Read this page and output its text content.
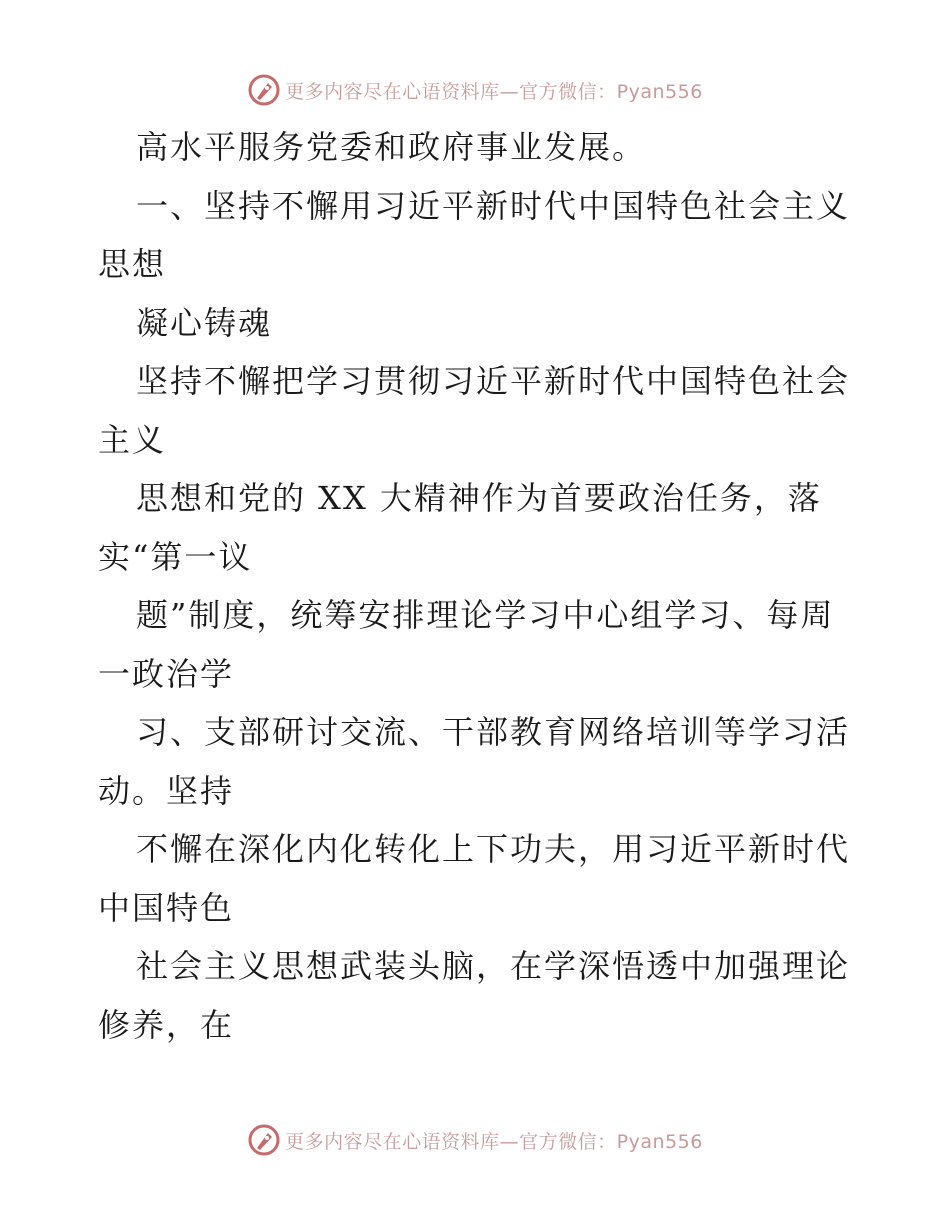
更多内容尽在心语资料库—官方微信：Pyan556
高水平服务党委和政府事业发展。
一、坚持不懈用习近平新时代中国特色社会主义
思想
凝心铸魂
坚持不懈把学习贯彻习近平新时代中国特色社会
主义
思想和党的 XX 大精神作为首要政治任务，落
实“第一议
题”制度，统筹安排理论学习中心组学习、每周
一政治学
习、支部研讨交流、干部教育网络培训等学习活
动。坚持
不懈在深化内化转化上下功夫，用习近平新时代
中国特色
社会主义思想武装头脑，在学深悟透中加强理论
修养，在
更多内容尽在心语资料库—官方微信：Pyan556
